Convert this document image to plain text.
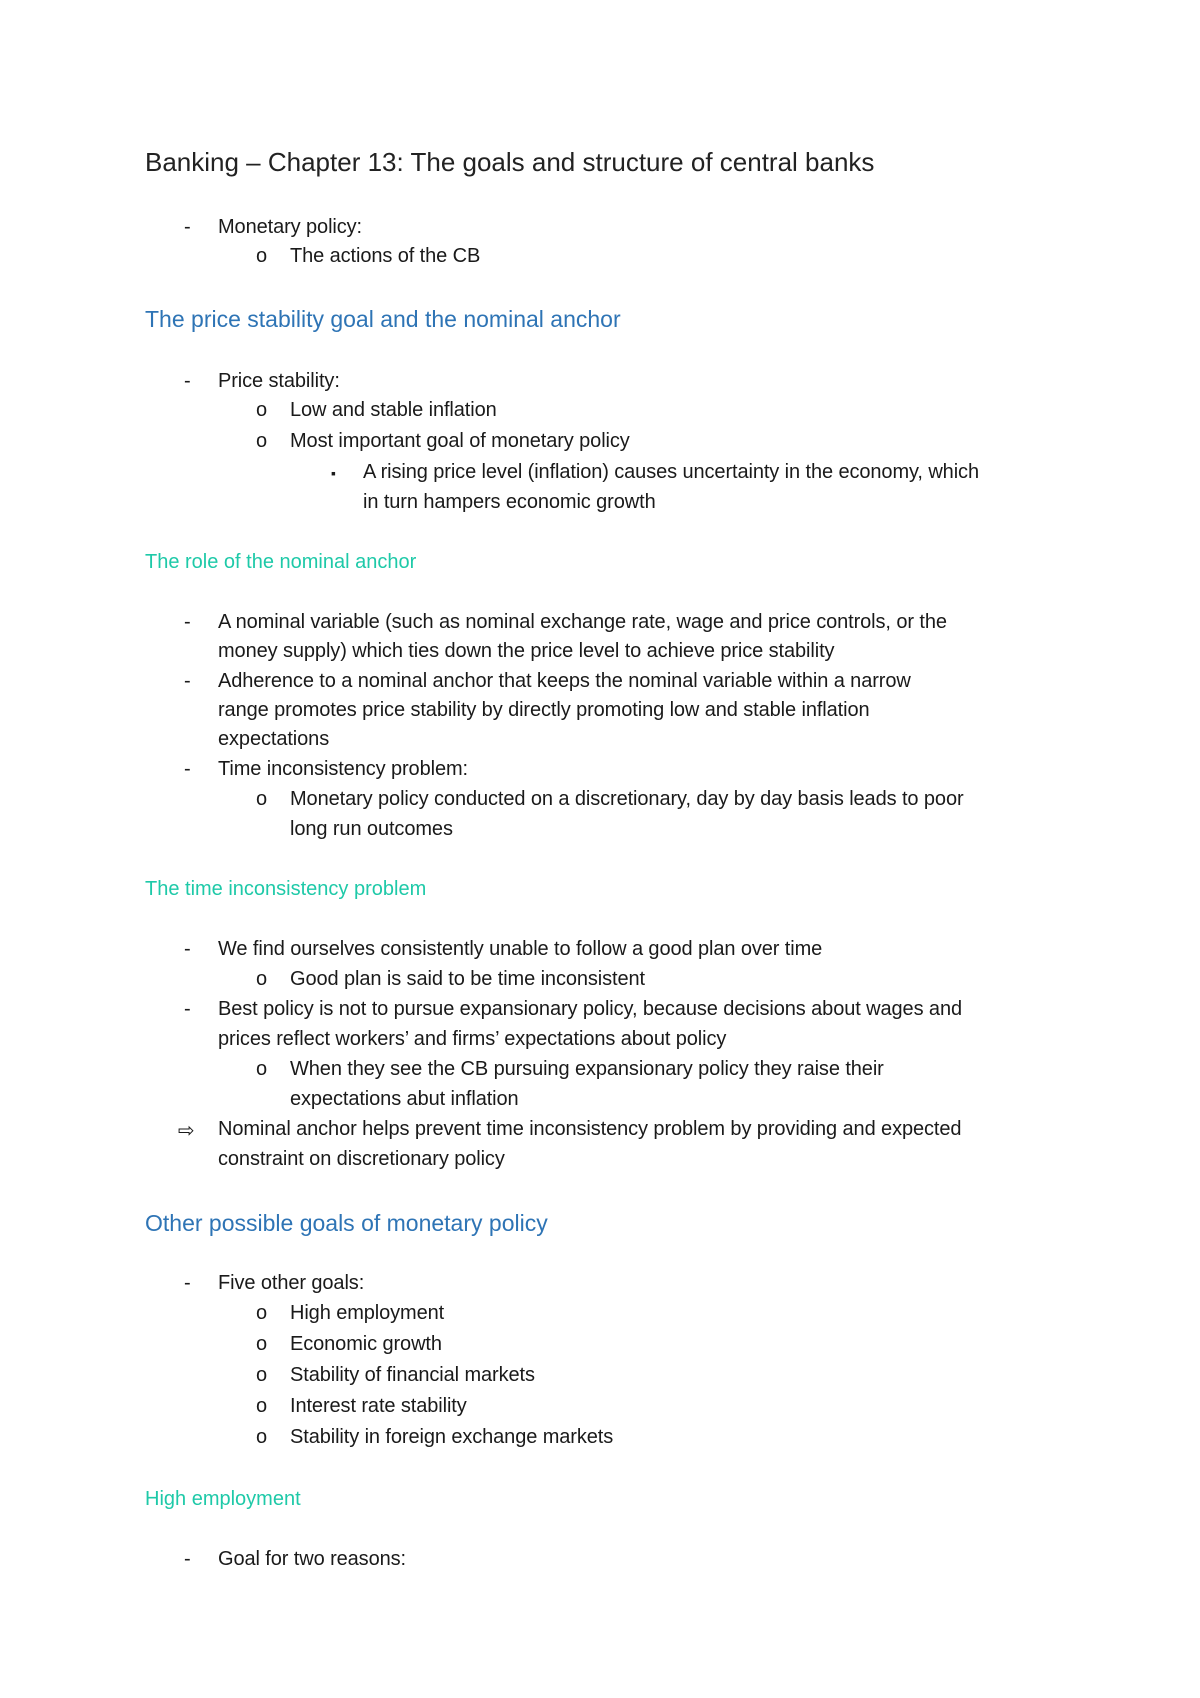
Banking – Chapter 13: The goals and structure of central banks
- Monetary policy:
o The actions of the CB
The price stability goal and the nominal anchor
- Price stability:
o Low and stable inflation
o Most important goal of monetary policy
▪ A rising price level (inflation) causes uncertainty in the economy, which
in turn hampers economic growth
The role of the nominal anchor
- A nominal variable (such as nominal exchange rate, wage and price controls, or the
money supply) which ties down the price level to achieve price stability
- Adherence to a nominal anchor that keeps the nominal variable within a narrow
range promotes price stability by directly promoting low and stable inflation
expectations
- Time inconsistency problem:
o Monetary policy conducted on a discretionary, day by day basis leads to poor
long run outcomes
The time inconsistency problem
- We find ourselves consistently unable to follow a good plan over time
o Good plan is said to be time inconsistent
- Best policy is not to pursue expansionary policy, because decisions about wages and
prices reflect workers’ and firms’ expectations about policy
o When they see the CB pursuing expansionary policy they raise their
expectations abut inflation
⇨ Nominal anchor helps prevent time inconsistency problem by providing and expected
constraint on discretionary policy
Other possible goals of monetary policy
- Five other goals:
o High employment
o Economic growth
o Stability of financial markets
o Interest rate stability
o Stability in foreign exchange markets
High employment
- Goal for two reasons:
